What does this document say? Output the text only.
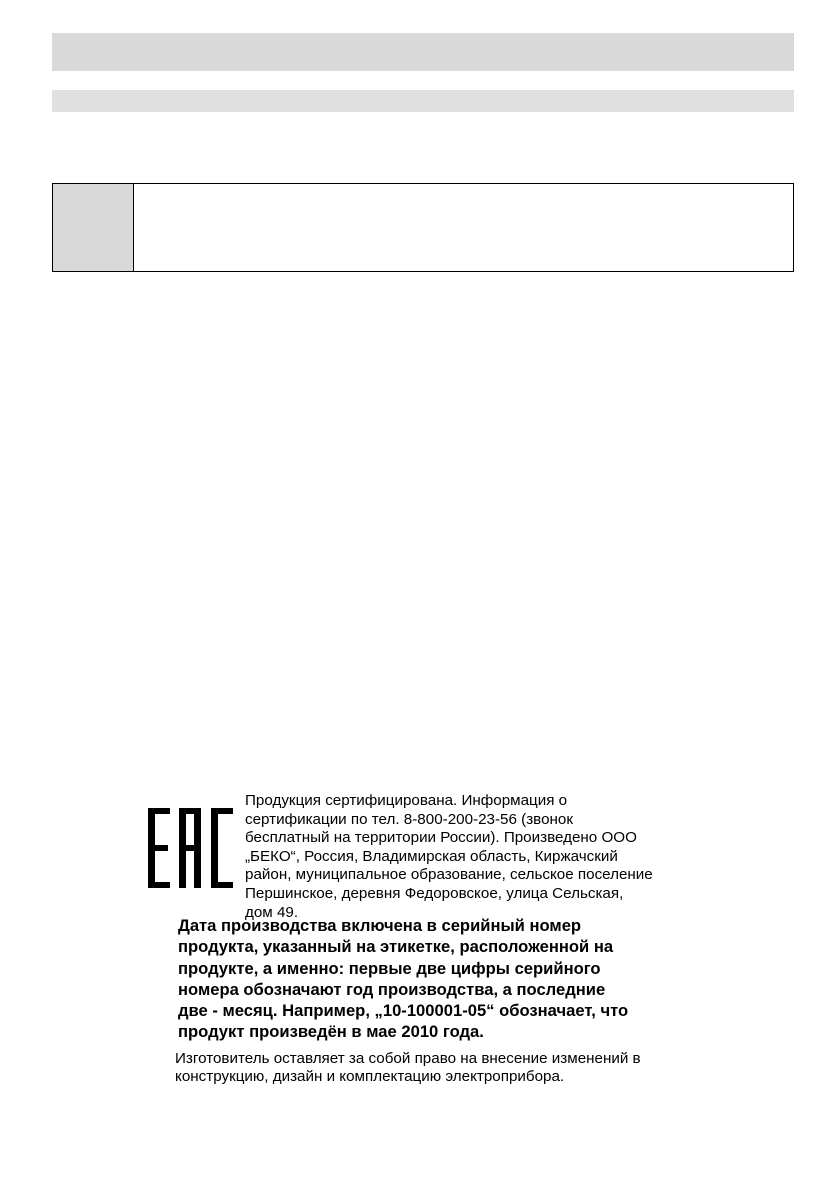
Продукция сертифицирована. Информация о
сертификации по тел. 8-800-200-23-56 (звонок
бесплатный на территории России). Произведено ООО
„БЕКО“, Россия, Владимирская область, Киржачский
район, муниципальное образование, сельское поселение
Першинское, деревня Федоровское, улица Сельская,
дом 49.
Дата производства включена в серийный номер
продукта, указанный на этикетке, расположенной на
продукте, а именно: первые две цифры серийного
номера обозначают год производства, а последние
две - месяц. Например, „10-100001-05“ обозначает, что
продукт произведён в мае 2010 года.
Изготовитель оставляет за собой право на внесение изменений в
конструкцию, дизайн и комплектацию электроприбора.
